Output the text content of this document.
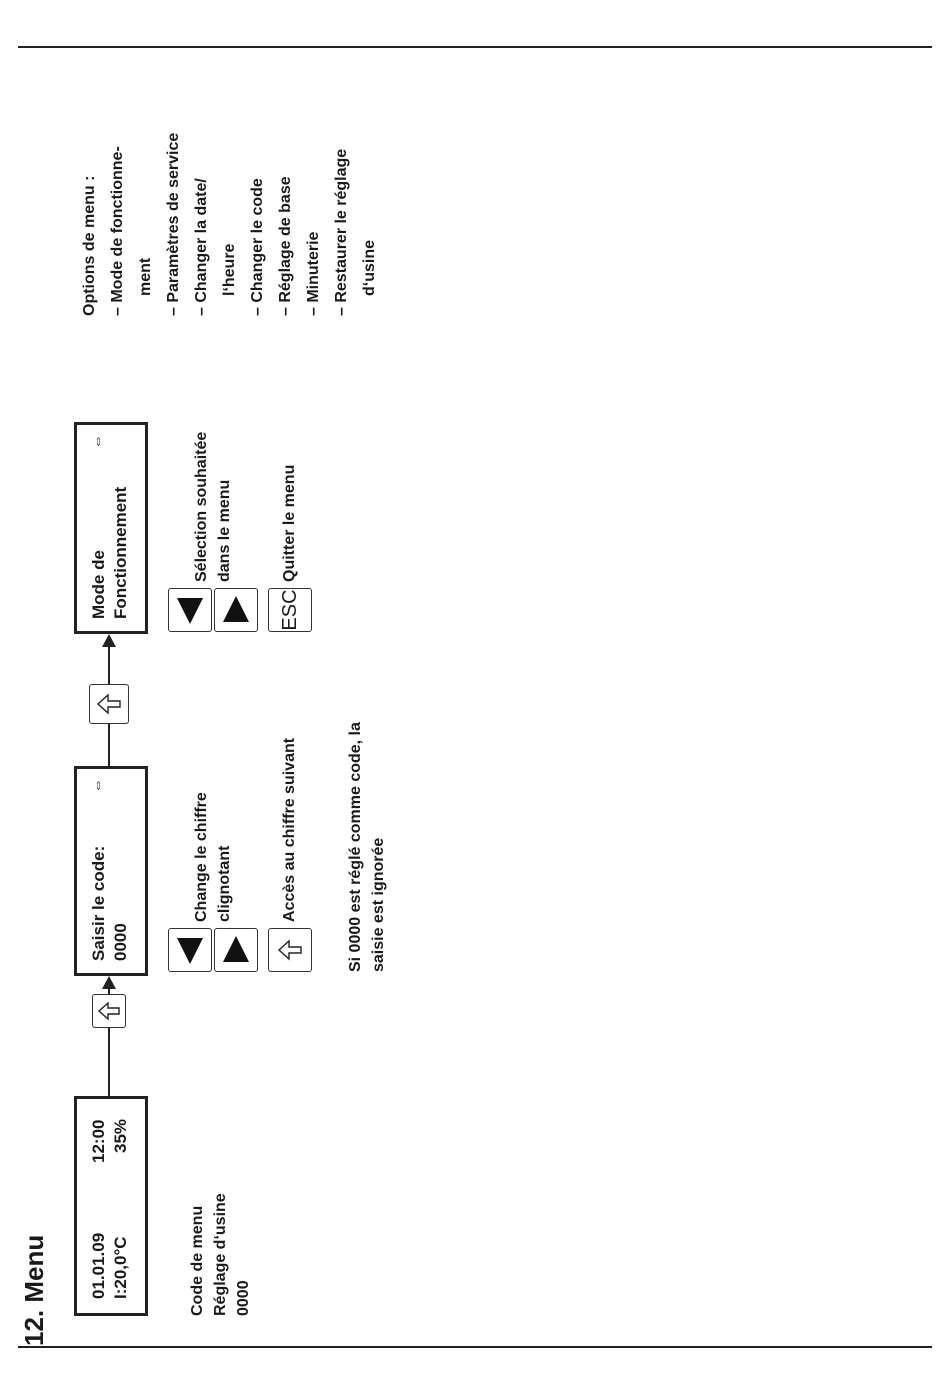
12. Menu 01.01.09
12:00
I:20,0°C
35%
Saisir le code: 0000
⇔
Mode de Fonctionnement
⇔
Code de menu Réglage d‘usine 0000
Change le chiffre clignotant	Accès au chiffre suivant	Si 0000 est réglé comme code, la saisie est ignorée
Sélection souhaitée dans le menu
ESC
Quitter le menu
Options de menu : – Mode de fonctionne- ment – Paramètres de service – Changer la date/ l‘heure – Changer le code – Réglage de base – Minuterie – Restaurer le réglage d‘usine
